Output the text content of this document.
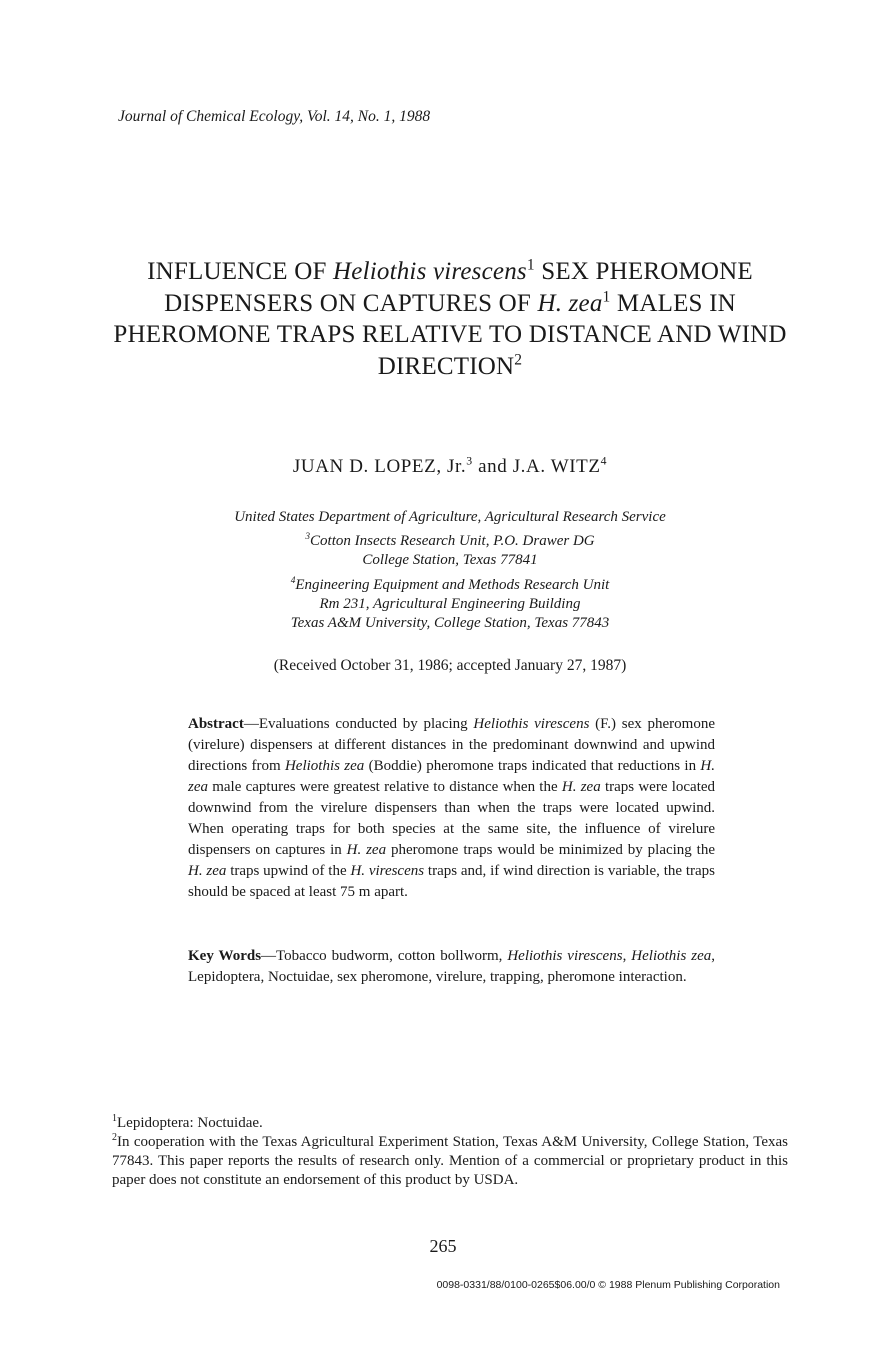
Journal of Chemical Ecology, Vol. 14, No. 1, 1988
INFLUENCE OF Heliothis virescens$^1$ SEX PHEROMONE DISPENSERS ON CAPTURES OF H. zea$^1$ MALES IN PHEROMONE TRAPS RELATIVE TO DISTANCE AND WIND DIRECTION$^2$
JUAN D. LOPEZ, Jr.$^3$ and J.A. WITZ$^4$
United States Department of Agriculture, Agricultural Research Service
$^3$Cotton Insects Research Unit, P.O. Drawer DG
College Station, Texas 77841
$^4$Engineering Equipment and Methods Research Unit
Rm 231, Agricultural Engineering Building
Texas A&M University, College Station, Texas 77843
(Received October 31, 1986; accepted January 27, 1987)
Abstract—Evaluations conducted by placing Heliothis virescens (F.) sex pheromone (virelure) dispensers at different distances in the predominant downwind and upwind directions from Heliothis zea (Boddie) pheromone traps indicated that reductions in H. zea male captures were greatest relative to distance when the H. zea traps were located downwind from the virelure dispensers than when the traps were located upwind. When operating traps for both species at the same site, the influence of virelure dispensers on captures in H. zea pheromone traps would be minimized by placing the H. zea traps upwind of the H. virescens traps and, if wind direction is variable, the traps should be spaced at least 75 m apart.
Key Words—Tobacco budworm, cotton bollworm, Heliothis virescens, Heliothis zea, Lepidoptera, Noctuidae, sex pheromone, virelure, trapping, pheromone interaction.
$^1$Lepidoptera: Noctuidae.
$^2$In cooperation with the Texas Agricultural Experiment Station, Texas A&M University, College Station, Texas 77843. This paper reports the results of research only. Mention of a commercial or proprietary product in this paper does not constitute an endorsement of this product by USDA.
265
0098-0331/88/0100-0265$06.00/0 © 1988 Plenum Publishing Corporation
